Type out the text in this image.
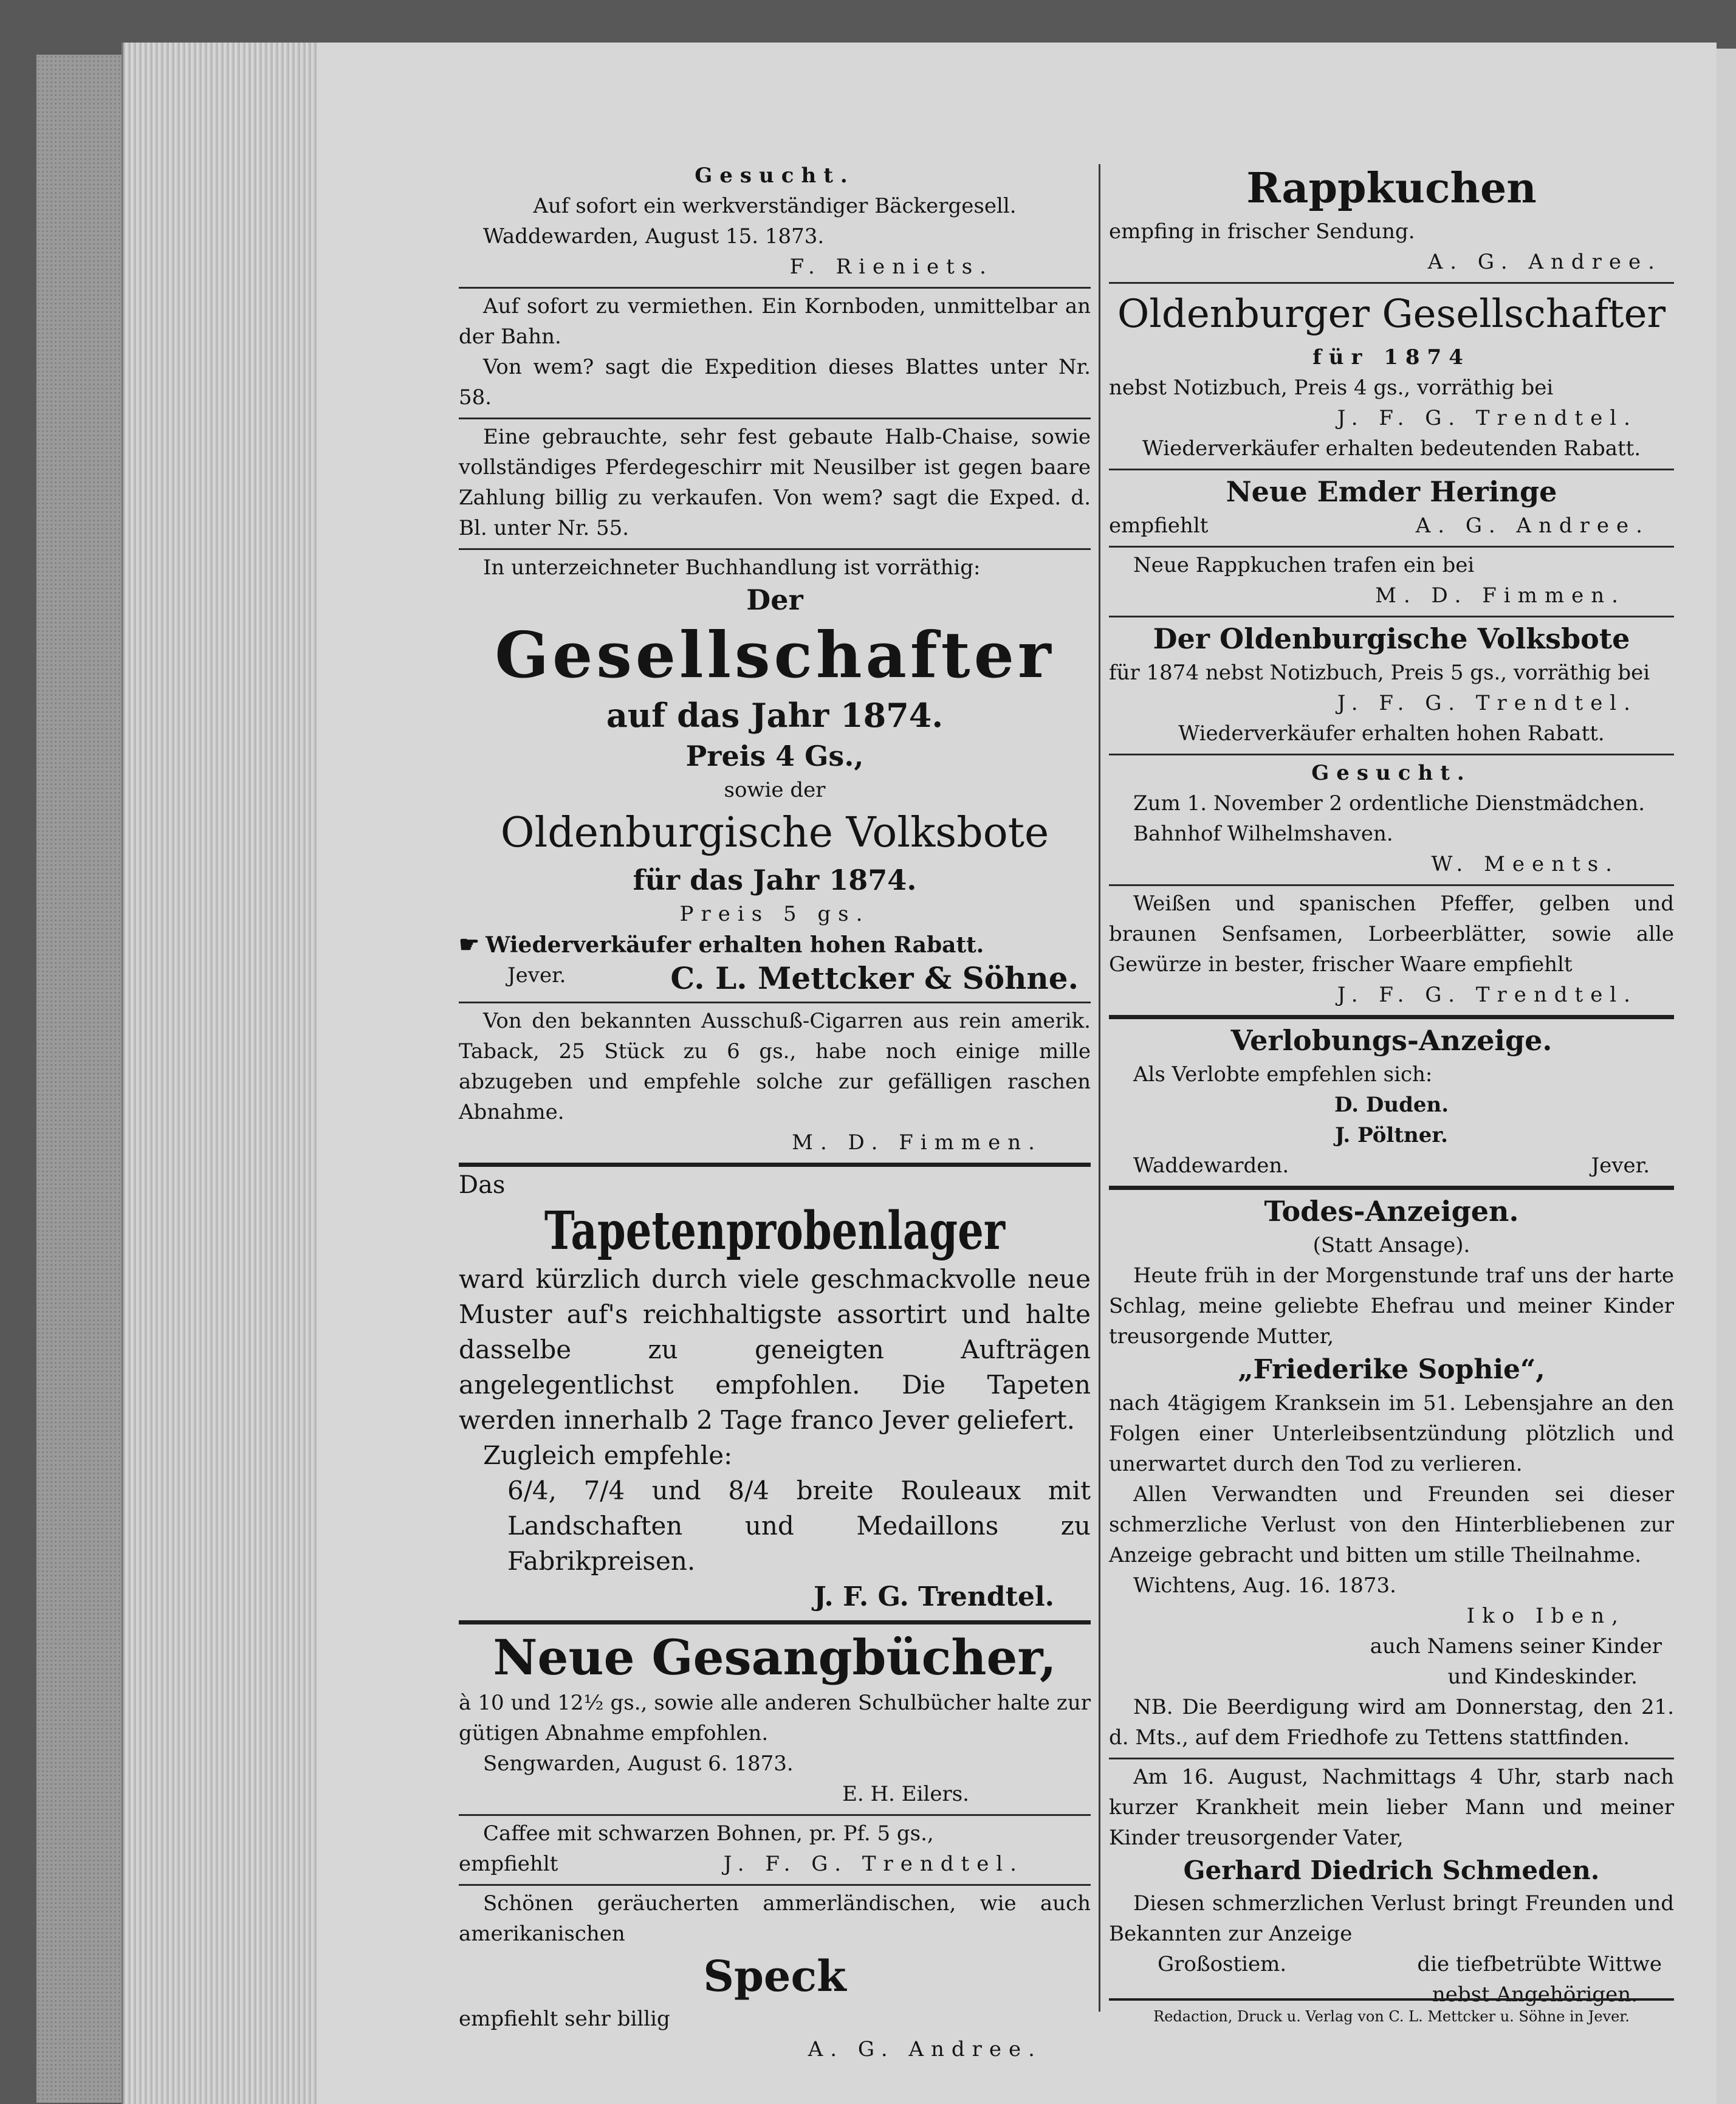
Gesucht.

Auf sofort ein werkverständiger Bäckergesell.

Waddewarden, August 15. 1873.

F. Rieniets.

Auf sofort zu vermiethen. Ein Kornboden, unmittelbar an der Bahn.

Von wem? sagt die Expedition dieses Blattes unter Nr. 58.

Eine gebrauchte, sehr fest gebaute Halb-Chaise, sowie vollständiges Pferdegeschirr mit Neusilber ist gegen baare Zahlung billig zu verkaufen. Von wem? sagt die Exped. d. Bl. unter Nr. 55.

In unterzeichneter Buchhandlung ist vorräthig:

Der

Gesellschafter

auf das Jahr 1874.

Preis 4 Gs.,

sowie der

Oldenburgische Volksbote

für das Jahr 1874.

Preis 5 gs.

☛ Wiederverkäufer erhalten hohen Rabatt.

Jever.	C. L. Mettcker & Söhne.

Von den bekannten Ausschuß-Cigarren aus rein amerik. Taback, 25 Stück zu 6 gs., habe noch einige mille abzugeben und empfehle solche zur gefälligen raschen Abnahme.

M. D. Fimmen.

Das

Tapetenprobenlager

ward kürzlich durch viele geschmackvolle neue Muster auf's reichhaltigste assortirt und halte dasselbe zu geneigten Aufträgen angelegentlichst empfohlen. Die Tapeten werden innerhalb 2 Tage franco Jever geliefert.

Zugleich empfehle:

6/4, 7/4 und 8/4 breite Rouleaux mit Landschaften und Medaillons zu Fabrikpreisen.

J. F. G. Trendtel.

Neue Gesangbücher,

à 10 und 12½ gs., sowie alle anderen Schulbücher halte zur gütigen Abnahme empfohlen.

Sengwarden, August 6. 1873.

E. H. Eilers.

Caffee mit schwarzen Bohnen, pr. Pf. 5 gs.,

empfiehlt	J. F. G. Trendtel.

Schönen geräucherten ammerländischen, wie auch amerikanischen

Speck

empfiehlt sehr billig

A. G. Andree.

Rappkuchen

empfing in frischer Sendung.

A. G. Andree.

Oldenburger Gesellschafter

für 1874

nebst Notizbuch, Preis 4 gs., vorräthig bei

J. F. G. Trendtel.

Wiederverkäufer erhalten bedeutenden Rabatt.

Neue Emder Heringe

empfiehlt	A. G. Andree.

Neue Rappkuchen trafen ein bei

M. D. Fimmen.

Der Oldenburgische Volksbote

für 1874 nebst Notizbuch, Preis 5 gs., vorräthig bei

J. F. G. Trendtel.

Wiederverkäufer erhalten hohen Rabatt.

Gesucht.

Zum 1. November 2 ordentliche Dienstmädchen.

Bahnhof Wilhelmshaven.

W. Meents.

Weißen und spanischen Pfeffer, gelben und braunen Senfsamen, Lorbeerblätter, sowie alle Gewürze in bester, frischer Waare empfiehlt

J. F. G. Trendtel.

Verlobungs-Anzeige.

Als Verlobte empfehlen sich:

D. Duden.

J. Pöltner.

Waddewarden.	Jever.

Todes-Anzeigen.

(Statt Ansage).

Heute früh in der Morgenstunde traf uns der harte Schlag, meine geliebte Ehefrau und meiner Kinder treusorgende Mutter,

„Friederike Sophie“,

nach 4tägigem Kranksein im 51. Lebensjahre an den Folgen einer Unterleibsentzündung plötzlich und unerwartet durch den Tod zu verlieren.

Allen Verwandten und Freunden sei dieser schmerzliche Verlust von den Hinterbliebenen zur Anzeige gebracht und bitten um stille Theilnahme.

Wichtens, Aug. 16. 1873.

Iko Iben,

auch Namens seiner Kinder

und Kindeskinder.

NB. Die Beerdigung wird am Donnerstag, den 21. d. Mts., auf dem Friedhofe zu Tettens stattfinden.

Am 16. August, Nachmittags 4 Uhr, starb nach kurzer Krankheit mein lieber Mann und meiner Kinder treusorgender Vater,

Gerhard Diedrich Schmeden.

Diesen schmerzlichen Verlust bringt Freunden und Bekannten zur Anzeige

Großostiem.	die tiefbetrübte Wittwe

nebst Angehörigen.

Redaction, Druck u. Verlag von C. L. Mettcker u. Söhne in Jever.
